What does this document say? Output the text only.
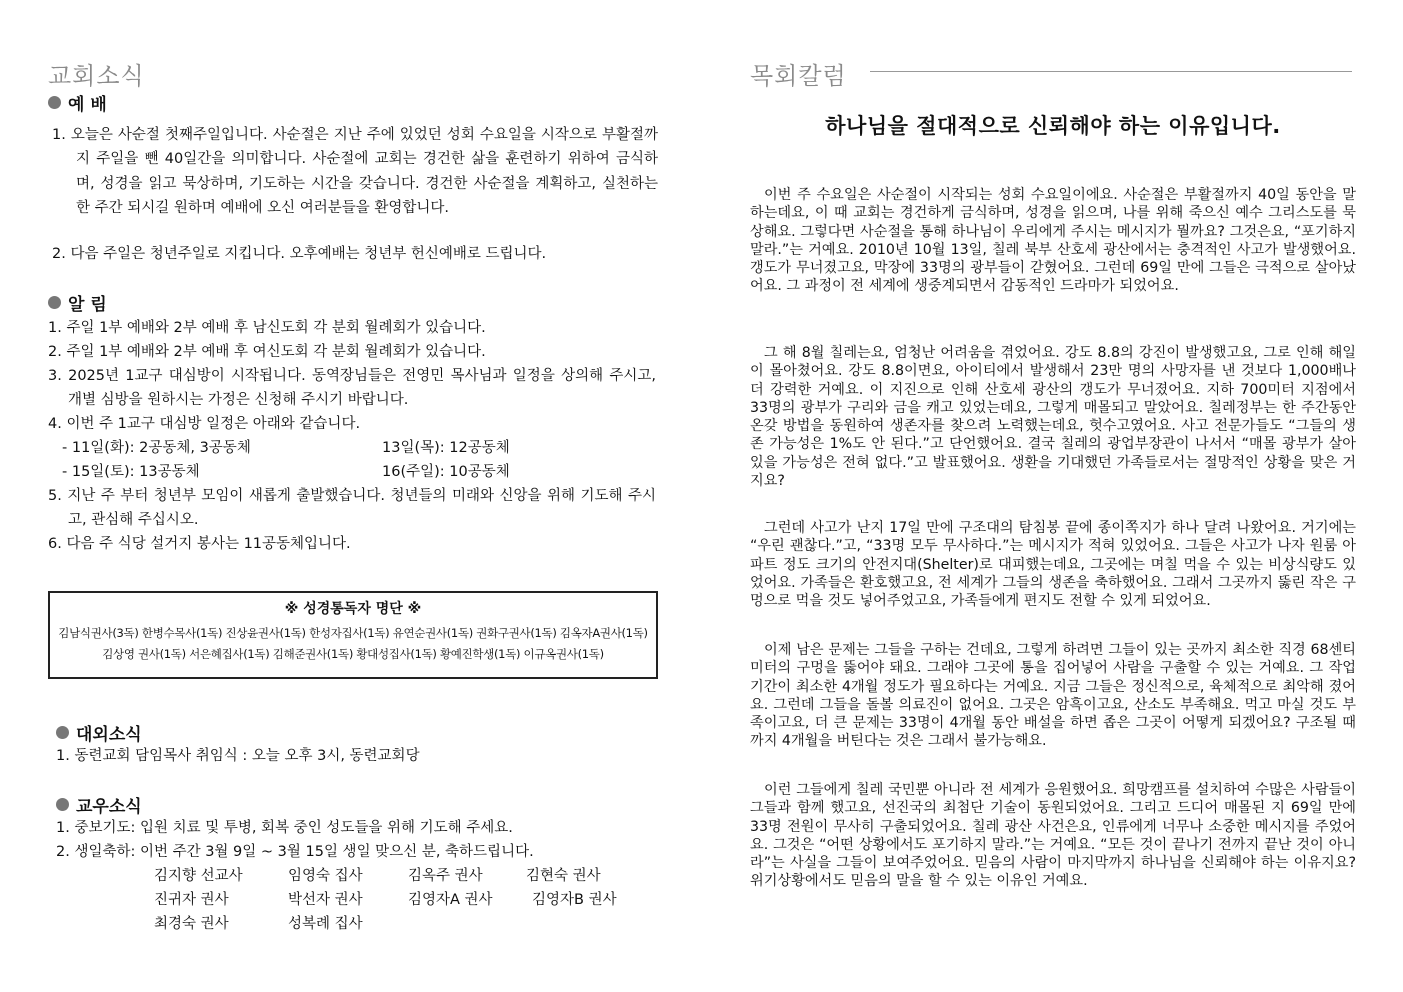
교회소식
예 배
1. 오늘은 사순절 첫째주일입니다. 사순절은 지난 주에 있었던 성회 수요일을 시작으로 부활절까지 주일을 뺀 40일간을 의미합니다. 사순절에 교회는 경건한 삶을 훈련하기 위하여 금식하며, 성경을 읽고 묵상하며, 기도하는 시간을 갖습니다. 경건한 사순절을 계획하고, 실천하는 한 주간 되시길 원하며 예배에 오신 여러분들을 환영합니다.
2. 다음 주일은 청년주일로 지킵니다. 오후예배는 청년부 헌신예배로 드립니다.
알 림
1. 주일 1부 예배와 2부 예배 후 남신도회 각 분회 월례회가 있습니다.
2. 주일 1부 예배와 2부 예배 후 여신도회 각 분회 월례회가 있습니다.
3. 2025년 1교구 대심방이 시작됩니다. 동역장님들은 전영민 목사님과 일정을 상의해 주시고, 개별 심방을 원하시는 가정은 신청해 주시기 바랍니다.
4. 이번 주 1교구 대심방 일정은 아래와 같습니다.
- 11일(화): 2공동체, 3공동체	13일(목): 12공동체
- 15일(토): 13공동체	16(주일): 10공동체
5. 지난 주 부터 청년부 모임이 새롭게 출발했습니다. 청년들의 미래와 신앙을 위해 기도해 주시고, 관심해 주십시오.
6. 다음 주 식당 설거지 봉사는 11공동체입니다.
※ 성경통독자 명단 ※
김남식권사(3독) 한병수목사(1독) 진상윤권사(1독) 한성자집사(1독) 유연순권사(1독) 권화구권사(1독) 김옥자A권사(1독)
김상영 권사(1독) 서은혜집사(1독) 김해준권사(1독) 황대성집사(1독) 황예진학생(1독) 이규옥권사(1독)
대외소식
1. 동련교회 담임목사 취임식 : 오늘 오후 3시, 동련교회당
교우소식
1. 중보기도: 입원 치료 및 투병, 회복 중인 성도들을 위해 기도해 주세요.
2. 생일축하: 이번 주간 3월 9일 ~ 3월 15일 생일 맞으신 분, 축하드립니다.
김지향 선교사	임영숙 집사	김옥주 권사	김현숙 권사
진귀자 권사	박선자 권사	김영자A 권사	김영자B 권사
최경숙 권사	성복례 집사
목회칼럼
하나님을 절대적으로 신뢰해야 하는 이유입니다.
이번 주 수요일은 사순절이 시작되는 성회 수요일이에요. 사순절은 부활절까지 40일 동안을 말하는데요, 이 때 교회는 경건하게 금식하며, 성경을 읽으며, 나를 위해 죽으신 예수 그리스도를 묵상해요. 그렇다면 사순절을 통해 하나님이 우리에게 주시는 메시지가 뭘까요? 그것은요, “포기하지 말라.”는 거예요. 2010년 10월 13일, 칠레 북부 산호세 광산에서는 충격적인 사고가 발생했어요. 갱도가 무너졌고요, 막장에 33명의 광부들이 갇혔어요. 그런데 69일 만에 그들은 극적으로 살아났어요. 그 과정이 전 세계에 생중계되면서 감동적인 드라마가 되었어요.
그 해 8월 칠레는요, 엄청난 어려움을 겪었어요. 강도 8.8의 강진이 발생했고요, 그로 인해 해일이 몰아쳤어요. 강도 8.8이면요, 아이티에서 발생해서 23만 명의 사망자를 낸 것보다 1,000배나 더 강력한 거예요. 이 지진으로 인해 산호세 광산의 갱도가 무너졌어요. 지하 700미터 지점에서 33명의 광부가 구리와 금을 캐고 있었는데요, 그렇게 매몰되고 말았어요. 칠레정부는 한 주간동안 온갖 방법을 동원하여 생존자를 찾으려 노력했는데요, 헛수고였어요. 사고 전문가들도 “그들의 생존 가능성은 1%도 안 된다.”고 단언했어요. 결국 칠레의 광업부장관이 나서서 “매몰 광부가 살아있을 가능성은 전혀 없다.”고 발표했어요. 생환을 기대했던 가족들로서는 절망적인 상황을 맞은 거지요?
그런데 사고가 난지 17일 만에 구조대의 탐침봉 끝에 종이쪽지가 하나 달려 나왔어요. 거기에는 “우린 괜찮다.”고, “33명 모두 무사하다.”는 메시지가 적혀 있었어요. 그들은 사고가 나자 원룸 아파트 정도 크기의 안전지대(Shelter)로 대피했는데요, 그곳에는 며칠 먹을 수 있는 비상식량도 있었어요. 가족들은 환호했고요, 전 세계가 그들의 생존을 축하했어요. 그래서 그곳까지 뚫린 작은 구멍으로 먹을 것도 넣어주었고요, 가족들에게 편지도 전할 수 있게 되었어요.
이제 남은 문제는 그들을 구하는 건데요, 그렇게 하려면 그들이 있는 곳까지 최소한 직경 68센티미터의 구멍을 뚫어야 돼요. 그래야 그곳에 통을 집어넣어 사람을 구출할 수 있는 거예요. 그 작업기간이 최소한 4개월 정도가 필요하다는 거예요. 지금 그들은 정신적으로, 육체적으로 최악해 졌어요. 그런데 그들을 돌볼 의료진이 없어요. 그곳은 암흑이고요, 산소도 부족해요. 먹고 마실 것도 부족이고요, 더 큰 문제는 33명이 4개월 동안 배설을 하면 좁은 그곳이 어떻게 되겠어요? 구조될 때 까지 4개월을 버틴다는 것은 그래서 불가능해요.
이런 그들에게 칠레 국민뿐 아니라 전 세계가 응원했어요. 희망캠프를 설치하여 수많은 사람들이 그들과 함께 했고요, 선진국의 최첨단 기술이 동원되었어요. 그리고 드디어 매몰된 지 69일 만에 33명 전원이 무사히 구출되었어요. 칠레 광산 사건은요, 인류에게 너무나 소중한 메시지를 주었어요. 그것은 “어떤 상황에서도 포기하지 말라.”는 거예요. “모든 것이 끝나기 전까지 끝난 것이 아니라”는 사실을 그들이 보여주었어요. 믿음의 사람이 마지막까지 하나님을 신뢰해야 하는 이유지요? 위기상황에서도 믿음의 말을 할 수 있는 이유인 거예요.
